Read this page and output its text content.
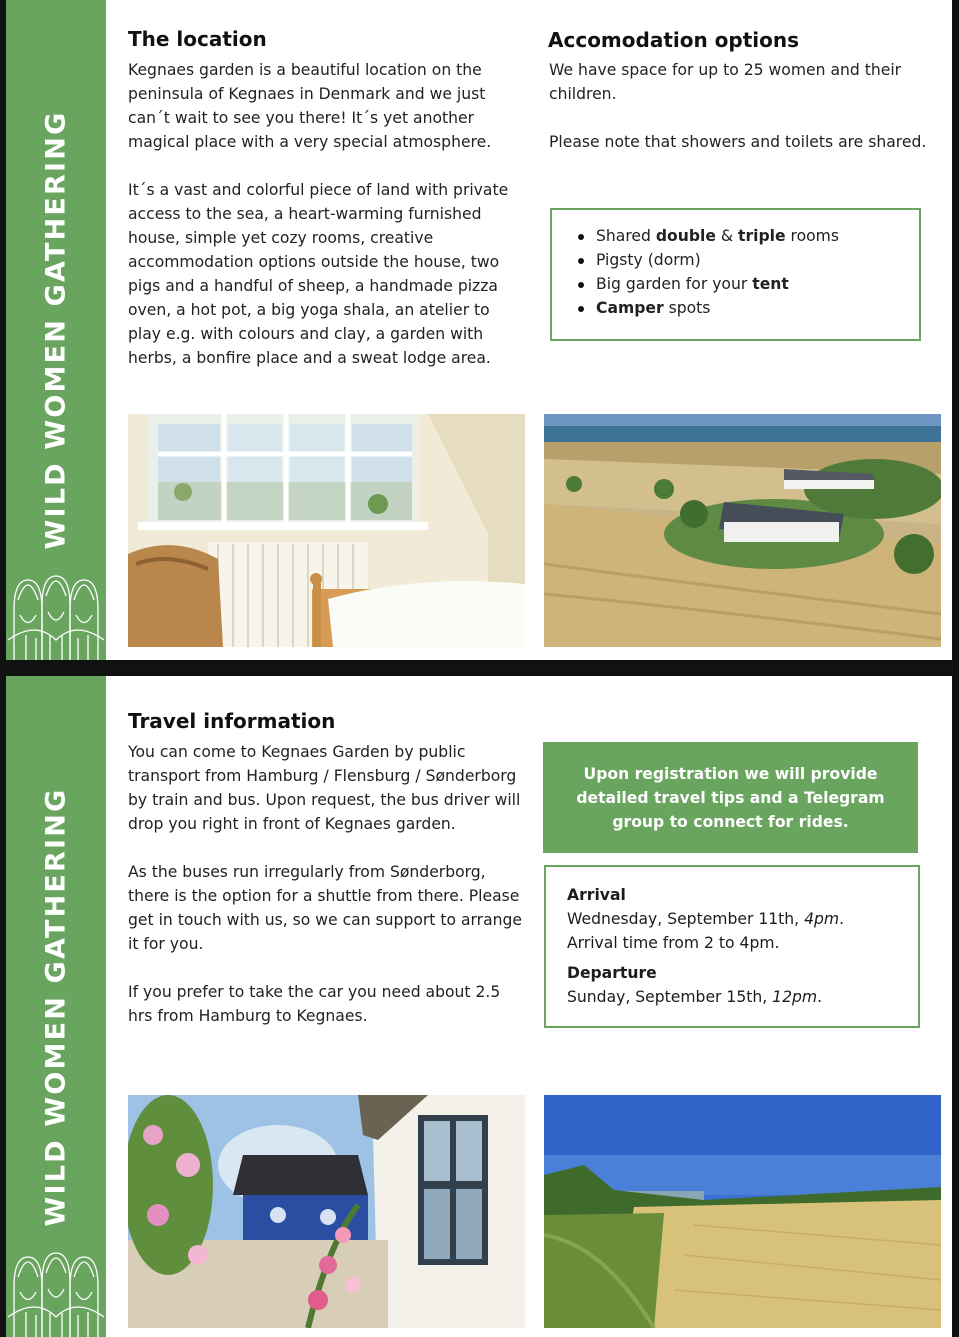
WILD WOMEN GATHERING
The location
Kegnaes garden is a beautiful location on the peninsula of Kegnaes in Denmark and we just can´t wait to see you there! It´s yet another magical place with a very special atmosphere.
It´s a vast and colorful piece of land with private access to the sea, a heart-warming furnished house, simple yet cozy rooms, creative accommodation options outside the house, two pigs and a handful of sheep, a handmade pizza oven, a hot pot, a big yoga shala, an atelier to play e.g. with colours and clay, a garden with herbs, a bonfire place and a sweat lodge area.
Accomodation options
We have space for up to 25 women and their children.
Please note that showers and toilets are shared.
Shared double & triple rooms
Pigsty (dorm)
Big garden for your tent
Camper spots
WILD WOMEN GATHERING
Travel information
You can come to Kegnaes Garden by public transport from Hamburg / Flensburg / Sønderborg by train and bus. Upon request, the bus driver will drop you right in front of Kegnaes garden.
As the buses run irregularly from Sønderborg, there is the option for a shuttle from there. Please get in touch with us, so we can support to arrange it for you.
If you prefer to take the car you need about 2.5 hrs from Hamburg to Kegnaes.
Upon registration we will provide detailed travel tips and a Telegram group to connect for rides.
Arrival
Wednesday, September 11th, 4pm.
Arrival time from 2 to 4pm.
Departure
Sunday, September 15th, 12pm.
